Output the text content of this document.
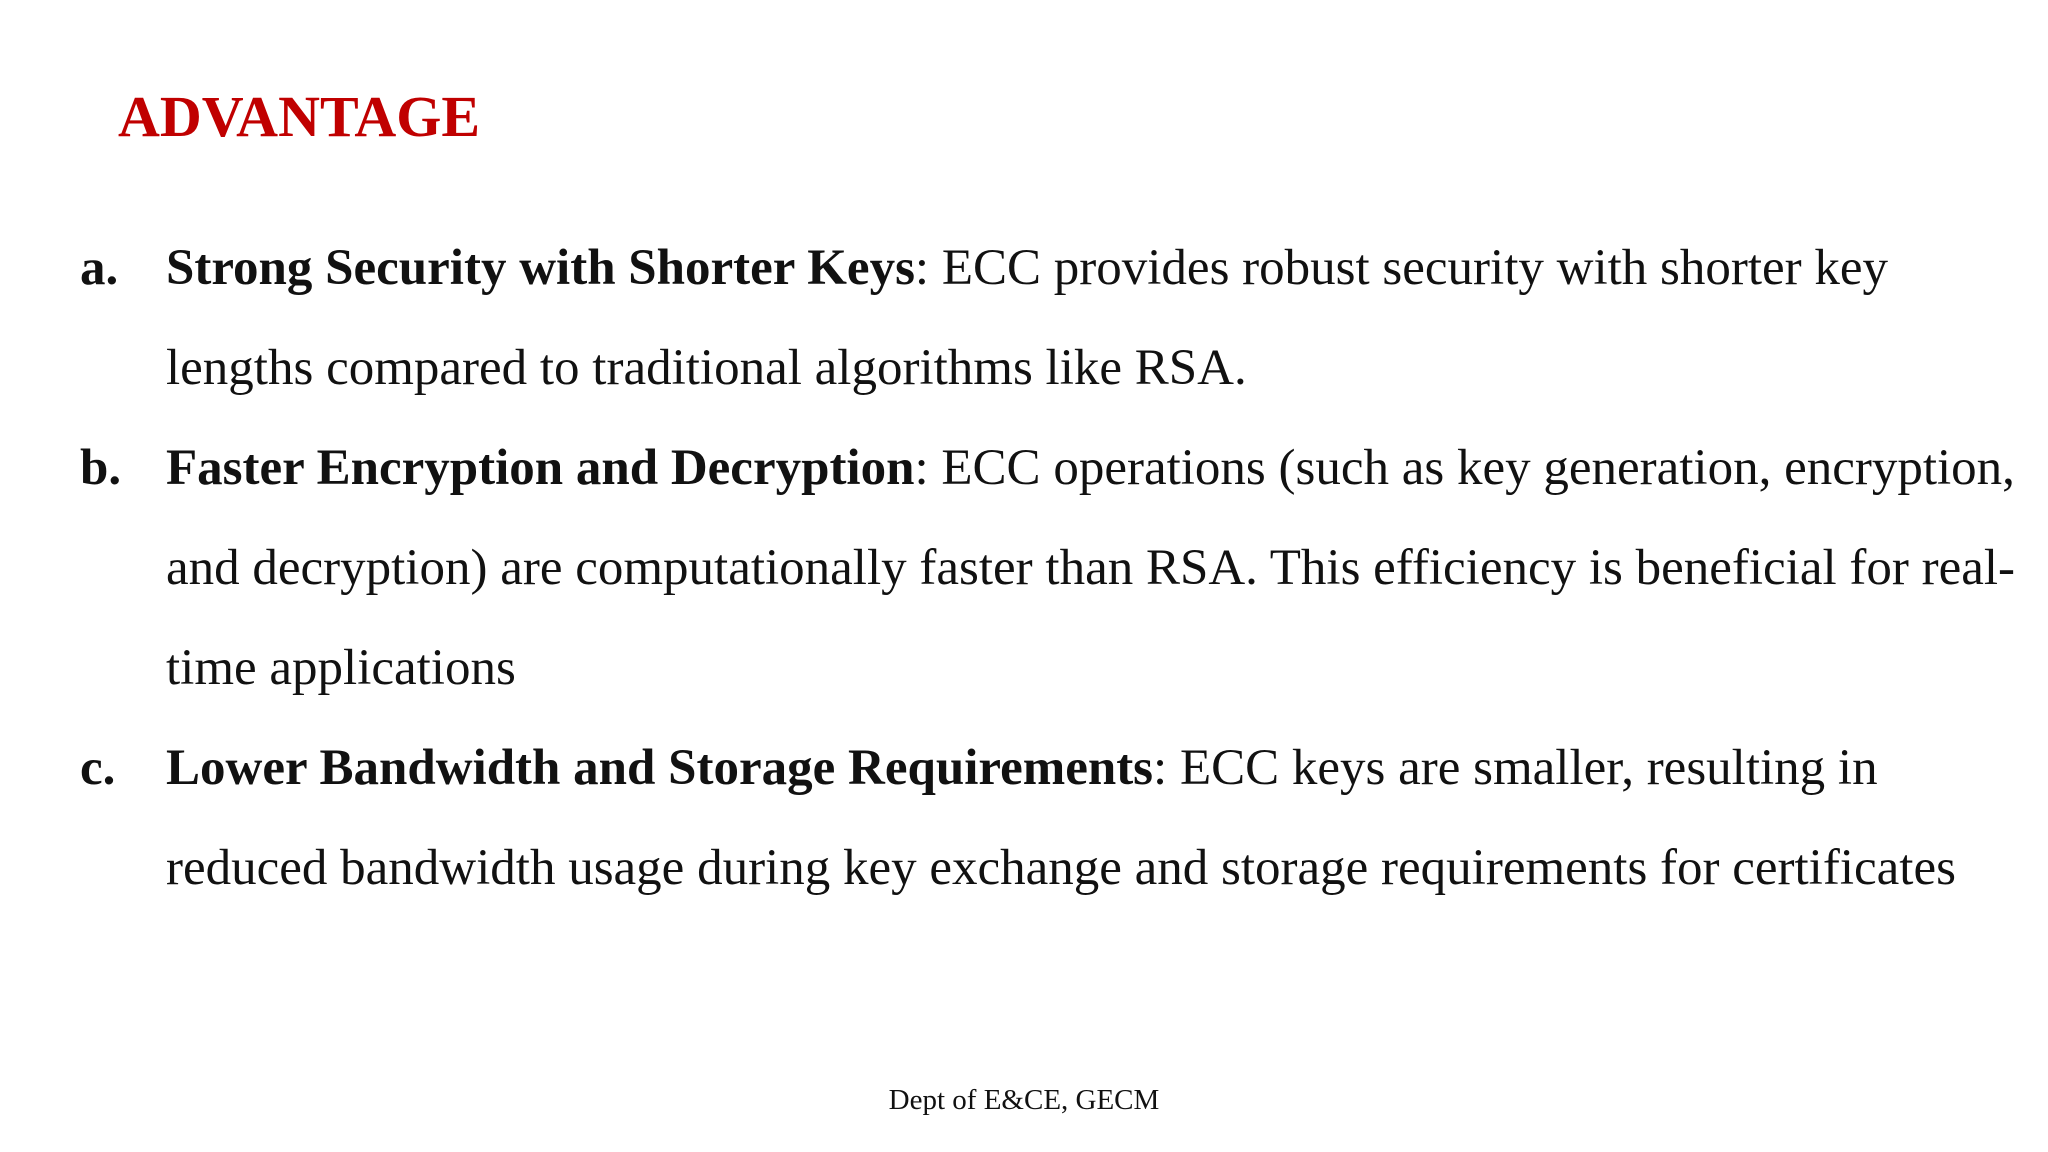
ADVANTAGE
a. Strong Security with Shorter Keys: ECC provides robust security with shorter key lengths compared to traditional algorithms like RSA.
b. Faster Encryption and Decryption: ECC operations (such as key generation, encryption, and decryption) are computationally faster than RSA. This efficiency is beneficial for real-time applications
c. Lower Bandwidth and Storage Requirements: ECC keys are smaller, resulting in reduced bandwidth usage during key exchange and storage requirements for certificates
Dept of E&CE, GECM
